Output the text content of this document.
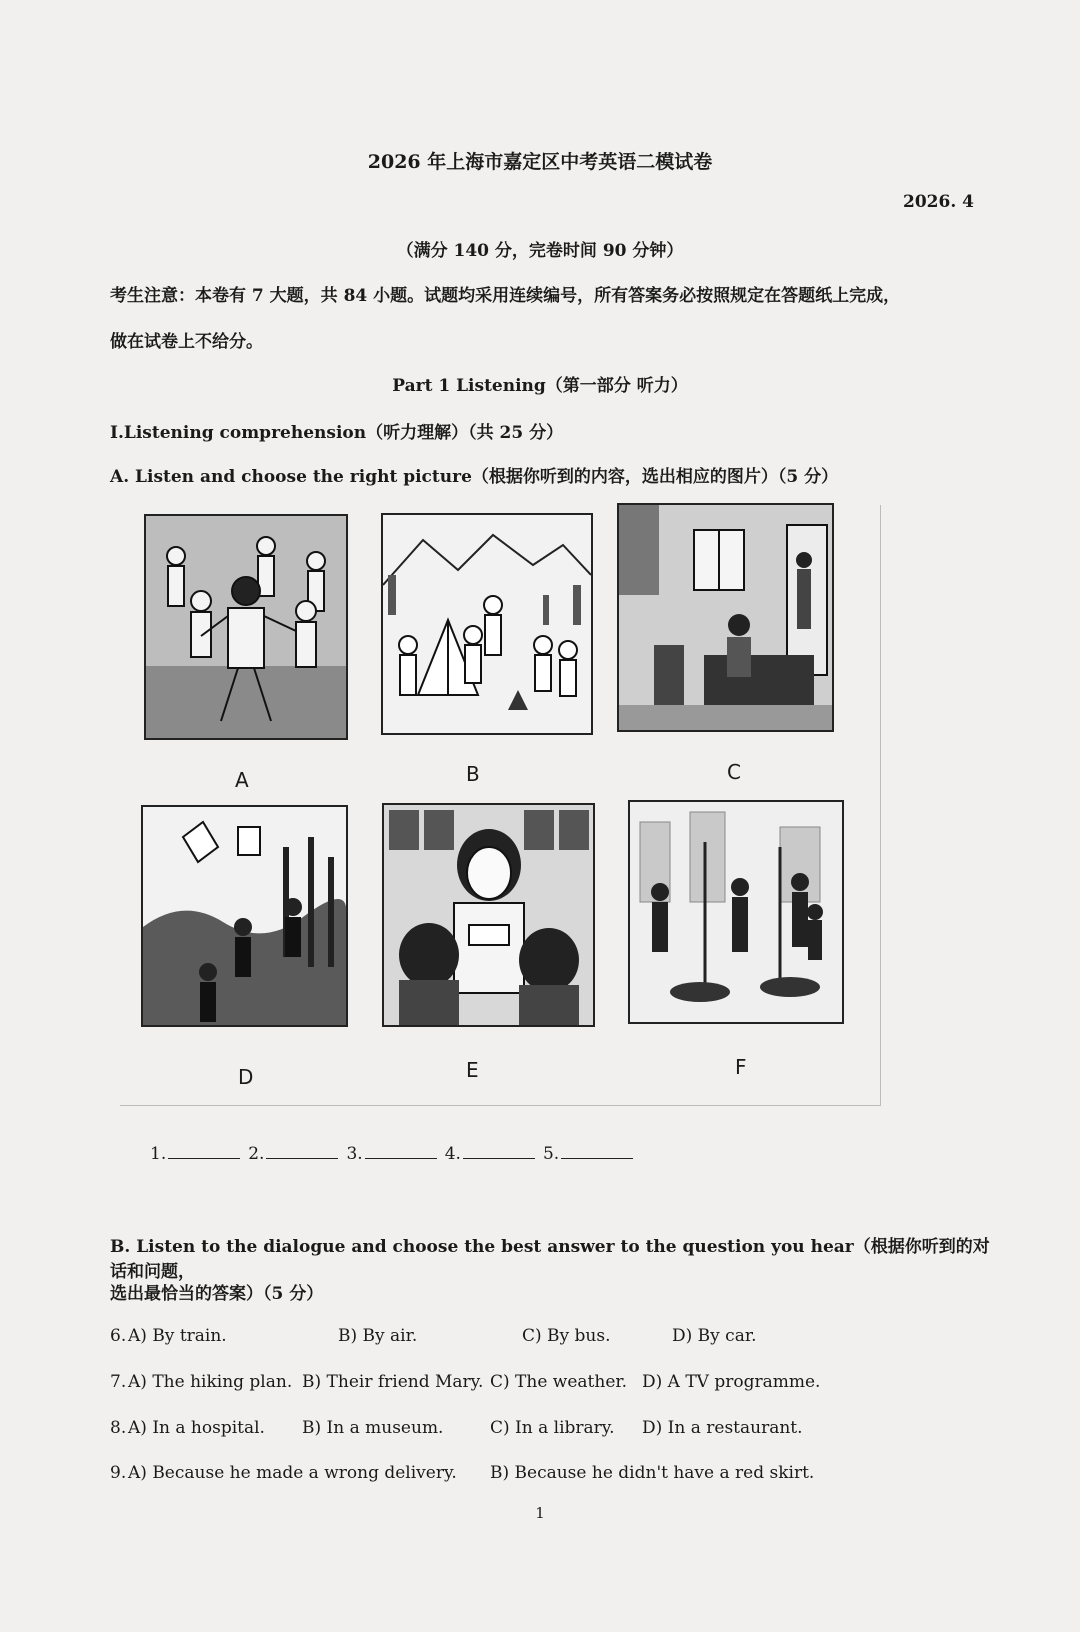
2026 年上海市嘉定区中考英语二模试卷
2026. 4
（满分 140 分，完卷时间 90 分钟）
考生注意：本卷有 7 大题，共 84 小题。试题均采用连续编号，所有答案务必按照规定在答题纸上完成，
做在试卷上不给分。
Part 1 Listening（第一部分 听力）
I.Listening comprehension（听力理解）（共 25 分）
A. Listen and choose the right picture（根据你听到的内容，选出相应的图片）（5 分）
A	B	C
D	E	F
1.	2.	3.	4.	5.
B. Listen to the dialogue and choose the best answer to the question you hear（根据你听到的对话和问题，
选出最恰当的答案）（5 分）
6. A) By train.	B) By air.	C) By bus.	D) By car.
7. A) The hiking plan. B) Their friend Mary. C) The weather. D) A TV programme.
8. A) In a hospital. B) In a museum.	C) In a library. D) In a restaurant.
9. A) Because he made a wrong delivery. B) Because he didn't have a red skirt.
1
